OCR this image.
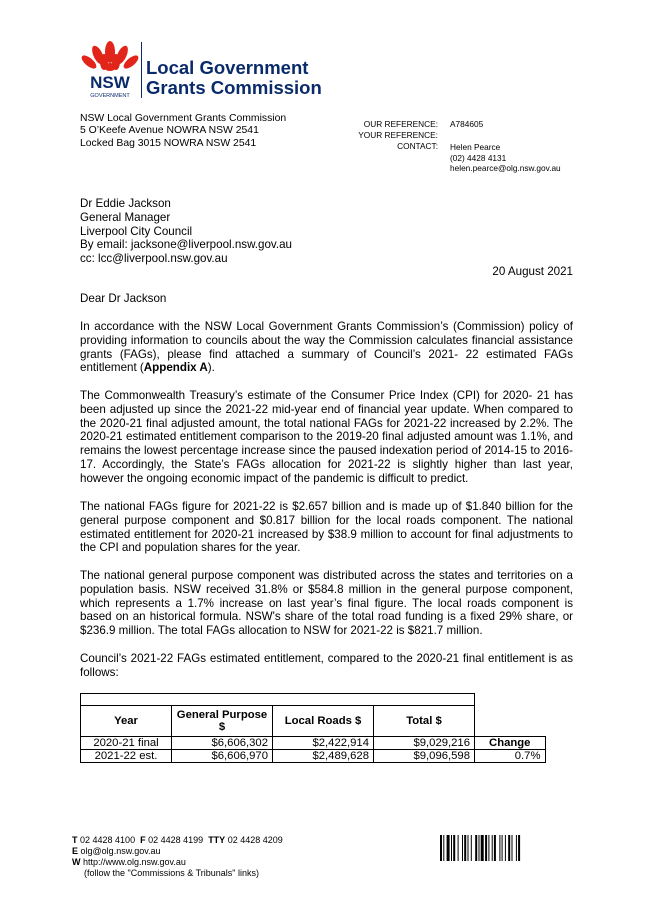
NSW
GOVERNMENT
Local Government
Grants Commission
NSW Local Government Grants Commission
5 O’Keefe Avenue NOWRA NSW 2541
Locked Bag 3015 NOWRA NSW 2541
OUR REFERENCE:
YOUR REFERENCE:
CONTACT:
A784605
Helen Pearce
(02) 4428 4131
helen.pearce@olg.nsw.gov.au
Dr Eddie Jackson
General Manager
Liverpool City Council
By email: jacksone@liverpool.nsw.gov.au
cc: lcc@liverpool.nsw.gov.au
20 August 2021
Dear Dr Jackson
In accordance with the NSW Local Government Grants Commission’s (Commission) policy of providing information to councils about the way the Commission calculates financial assistance grants (FAGs), please find attached a summary of Council’s 2021- 22 estimated FAGs entitlement (Appendix A).
The Commonwealth Treasury’s estimate of the Consumer Price Index (CPI) for 2020- 21 has been adjusted up since the 2021-22 mid-year end of financial year update. When compared to the 2020-21 final adjusted amount, the total national FAGs for 2021-22 increased by 2.2%. The 2020-21 estimated entitlement comparison to the 2019-20 final adjusted amount was 1.1%, and remains the lowest percentage increase since the paused indexation period of 2014-15 to 2016-17. Accordingly, the State’s FAGs allocation for 2021-22 is slightly higher than last year, however the ongoing economic impact of the pandemic is difficult to predict.
The national FAGs figure for 2021-22 is $2.657 billion and is made up of $1.840 billion for the general purpose component and $0.817 billion for the local roads component. The national estimated entitlement for 2020-21 increased by $38.9 million to account for final adjustments to the CPI and population shares for the year.
The national general purpose component was distributed across the states and territories on a population basis. NSW received 31.8% or $584.8 million in the general purpose component, which represents a 1.7% increase on last year’s final figure. The local roads component is based on an historical formula. NSW's share of the total road funding is a fixed 29% share, or $236.9 million. The total FAGs allocation to NSW for 2021-22 is $821.7 million.
Council’s 2021-22 FAGs estimated entitlement, compared to the 2020-21 final entitlement is as follows:

Year	General Purpose $	Local Roads $	Total $	
2020-21 final	$6,606,302	$2,422,914	$9,029,216	Change
2021-22 est.	$6,606,970	$2,489,628	$9,096,598	0.7%
T 02 4428 4100 F 02 4428 4199 TTY 02 4428 4209
E olg@olg.nsw.gov.au
W http://www.olg.nsw.gov.au
(follow the "Commissions & Tribunals" links)
